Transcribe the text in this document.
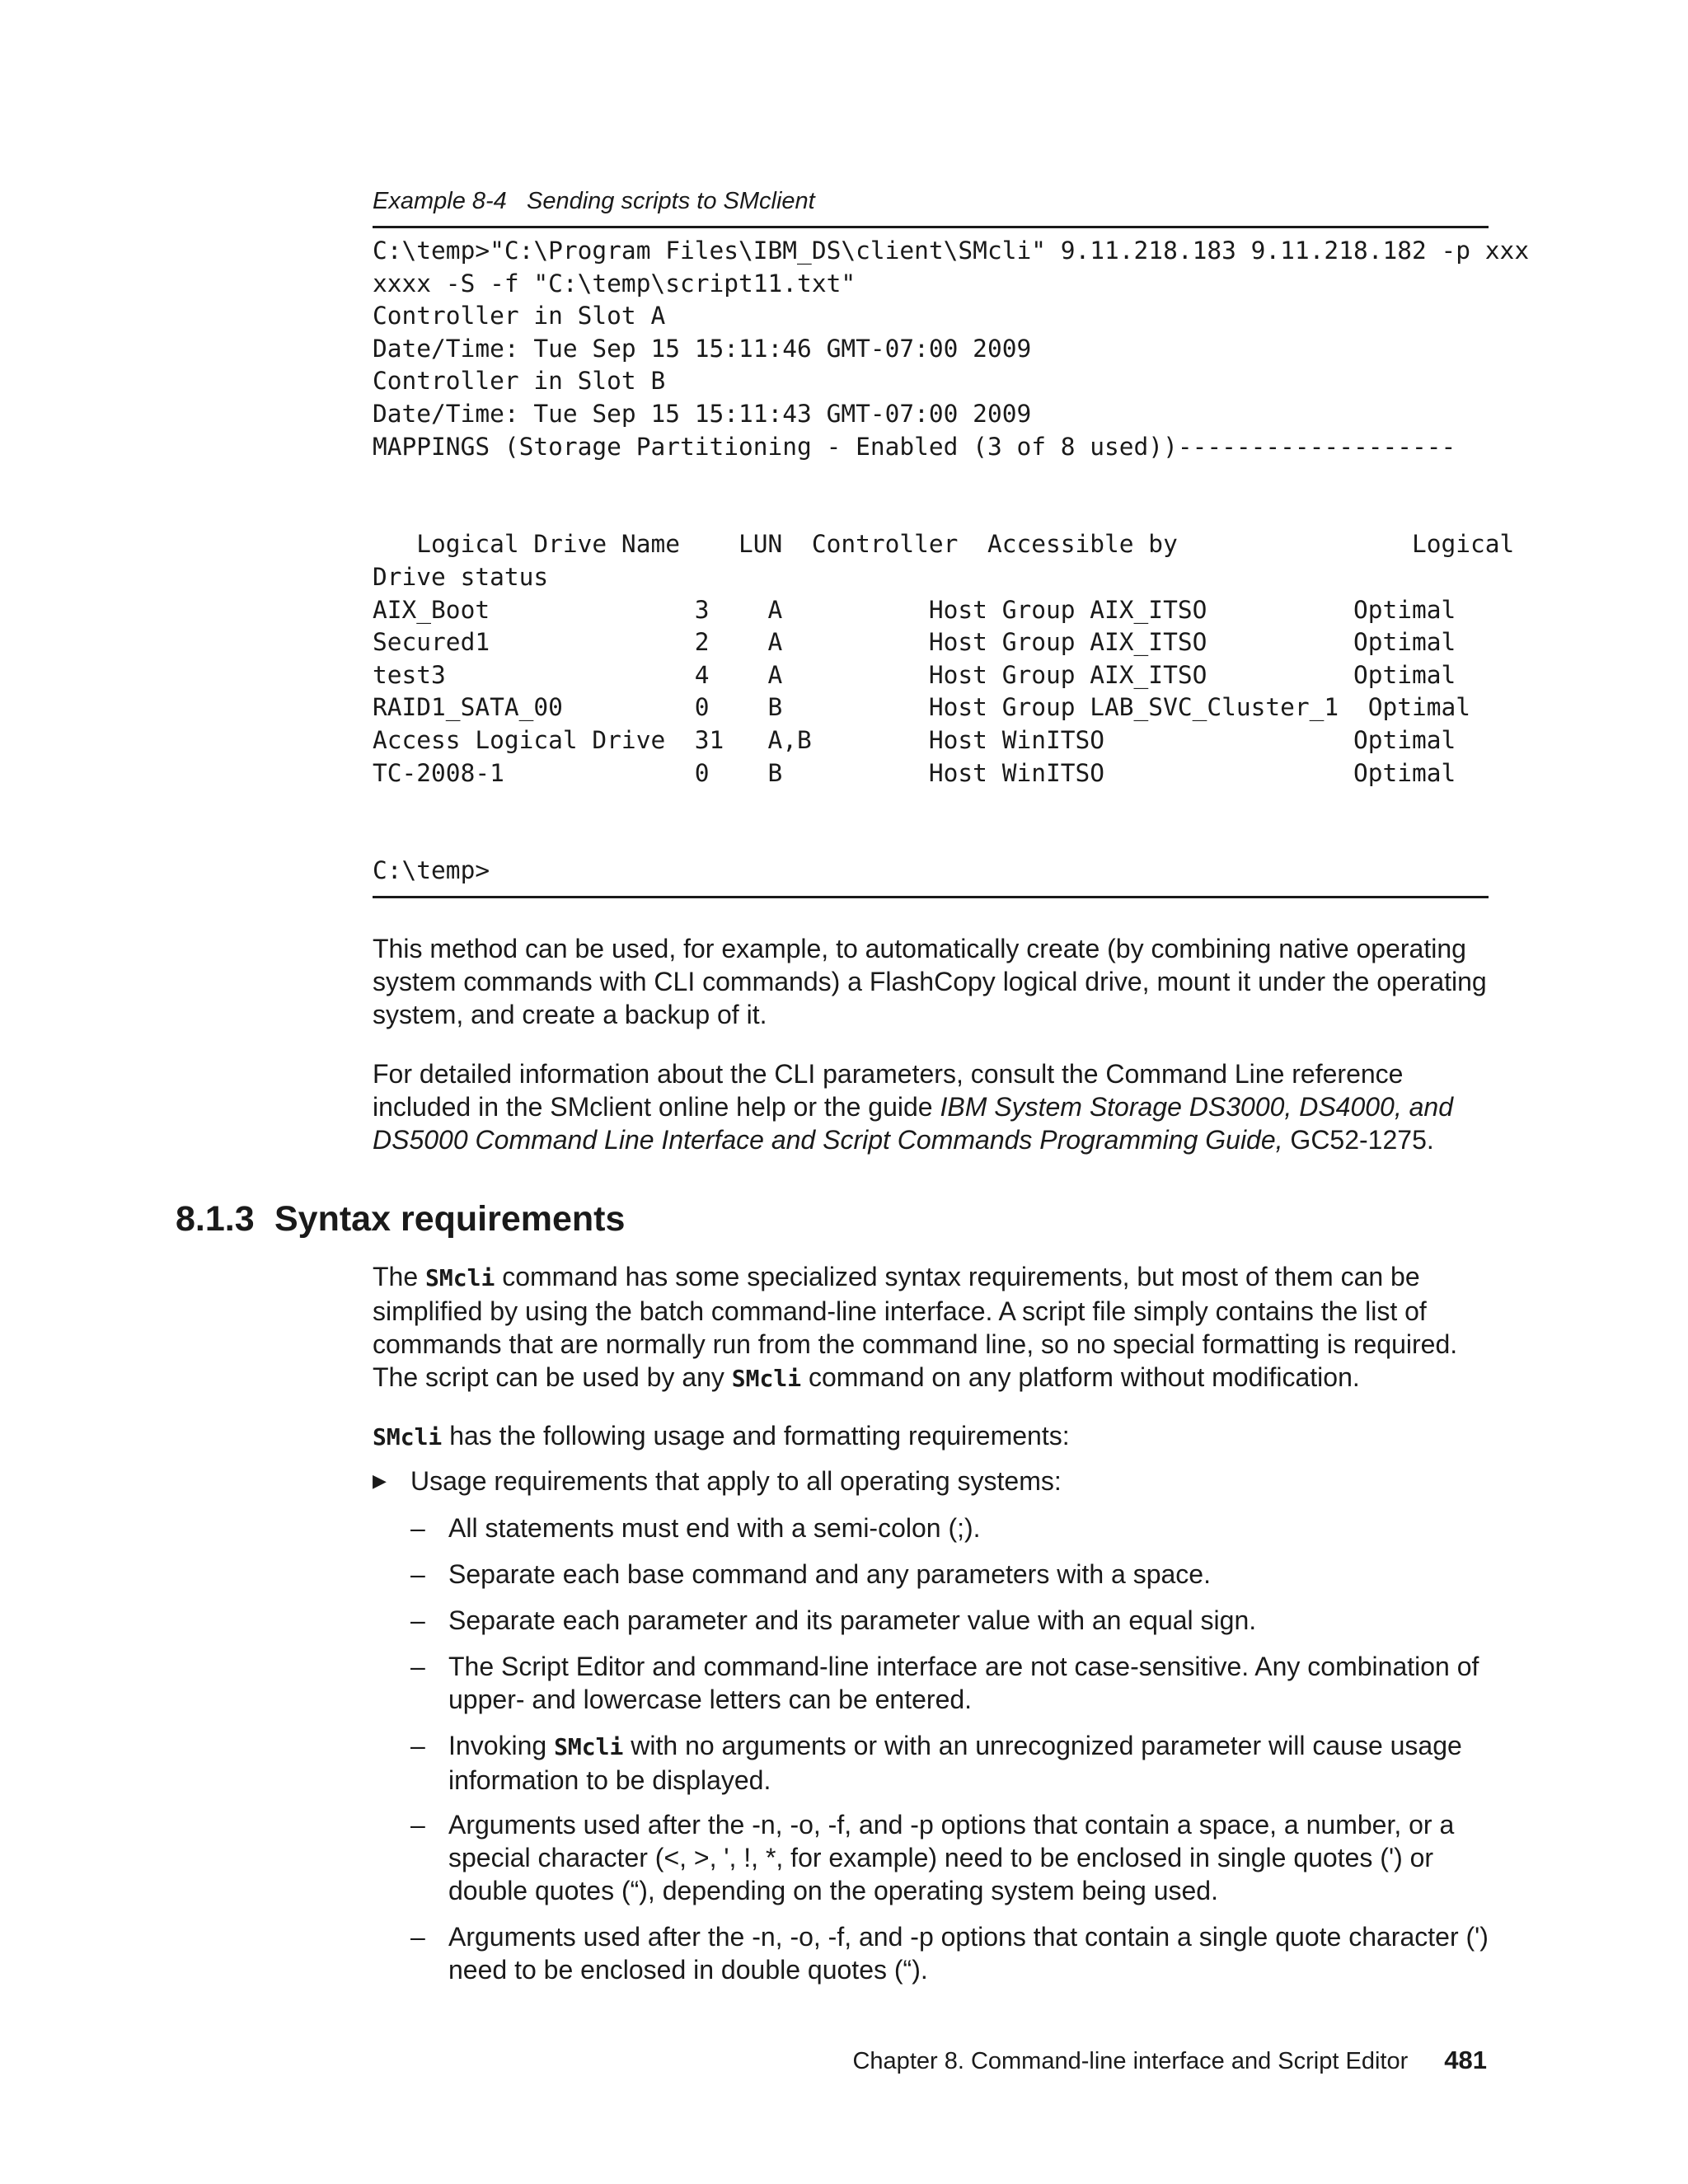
Example 8-4   Sending scripts to SMclient
C:\temp>"C:\Program Files\IBM_DS\client\SMcli" 9.11.218.183 9.11.218.182 -p xxx
xxxx -S -f "C:\temp\script11.txt"
Controller in Slot A
Date/Time: Tue Sep 15 15:11:46 GMT-07:00 2009
Controller in Slot B
Date/Time: Tue Sep 15 15:11:43 GMT-07:00 2009
MAPPINGS (Storage Partitioning - Enabled (3 of 8 used))-------------------
Logical Drive Name    LUN  Controller  Accessible by                Logical
Drive status
AIX_Boot              3    A          Host Group AIX_ITSO          Optimal
Secured1              2    A          Host Group AIX_ITSO          Optimal
test3                 4    A          Host Group AIX_ITSO          Optimal
RAID1_SATA_00         0    B          Host Group LAB_SVC_Cluster_1  Optimal
Access Logical Drive  31   A,B        Host WinITSO                 Optimal
TC-2008-1             0    B          Host WinITSO                 Optimal
C:\temp>

This method can be used, for example, to automatically create (by combining native operating system commands with CLI commands) a FlashCopy logical drive, mount it under the operating system, and create a backup of it.

For detailed information about the CLI parameters, consult the Command Line reference included in the SMclient online help or the guide IBM System Storage DS3000, DS4000, and DS5000 Command Line Interface and Script Commands Programming Guide, GC52-1275.

8.1.3 Syntax requirements

The SMcli command has some specialized syntax requirements, but most of them can be simplified by using the batch command-line interface. A script file simply contains the list of commands that are normally run from the command line, so no special formatting is required. The script can be used by any SMcli command on any platform without modification.

SMcli has the following usage and formatting requirements:

▶ Usage requirements that apply to all operating systems:
– All statements must end with a semi-colon (;).
– Separate each base command and any parameters with a space.
– Separate each parameter and its parameter value with an equal sign.
– The Script Editor and command-line interface are not case-sensitive. Any combination of upper- and lowercase letters can be entered.
– Invoking SMcli with no arguments or with an unrecognized parameter will cause usage information to be displayed.
– Arguments used after the -n, -o, -f, and -p options that contain a space, a number, or a special character (<, >, ', !, *, for example) need to be enclosed in single quotes (') or double quotes (“), depending on the operating system being used.
– Arguments used after the -n, -o, -f, and -p options that contain a single quote character (') need to be enclosed in double quotes (“).
Chapter 8. Command-line interface and Script Editor 481
